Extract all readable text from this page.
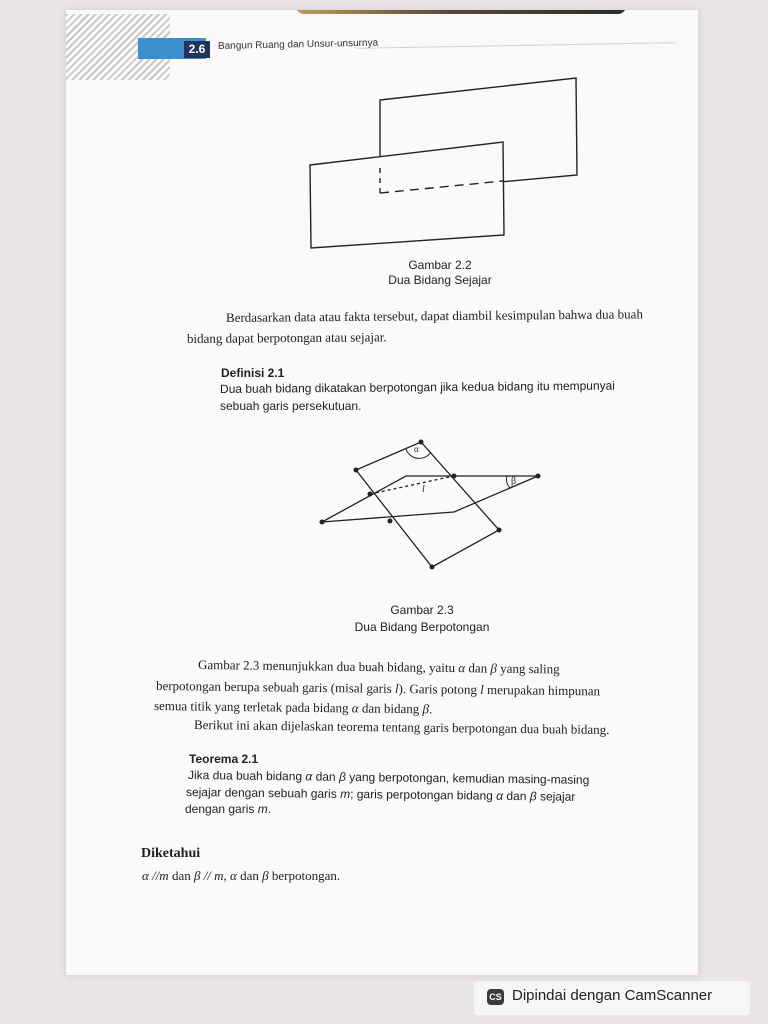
2.6	Bangun Ruang dan Unsur-unsurnya
Gambar 2.2
Dua Bidang Sejajar
Berdasarkan data atau fakta tersebut, dapat diambil kesimpulan bahwa dua buah
bidang dapat berpotongan atau sejajar.
Definisi 2.1
Dua buah bidang dikatakan berpotongan jika kedua bidang itu mempunyai
sebuah garis persekutuan.
α
β
l
Gambar 2.3
Dua Bidang Berpotongan
Gambar 2.3 menunjukkan dua buah bidang, yaitu α dan β yang saling
berpotongan berupa sebuah garis (misal garis l). Garis potong l merupakan himpunan
semua titik yang terletak pada bidang α dan bidang β.
Berikut ini akan dijelaskan teorema tentang garis berpotongan dua buah bidang.
Teorema 2.1
Jika dua buah bidang α dan β yang berpotongan, kemudian masing-masing
sejajar dengan sebuah garis m; garis perpotongan bidang α dan β sejajar
dengan garis m.
Diketahui
α //m dan β // m, α dan β berpotongan.
CS Dipindai dengan CamScanner
